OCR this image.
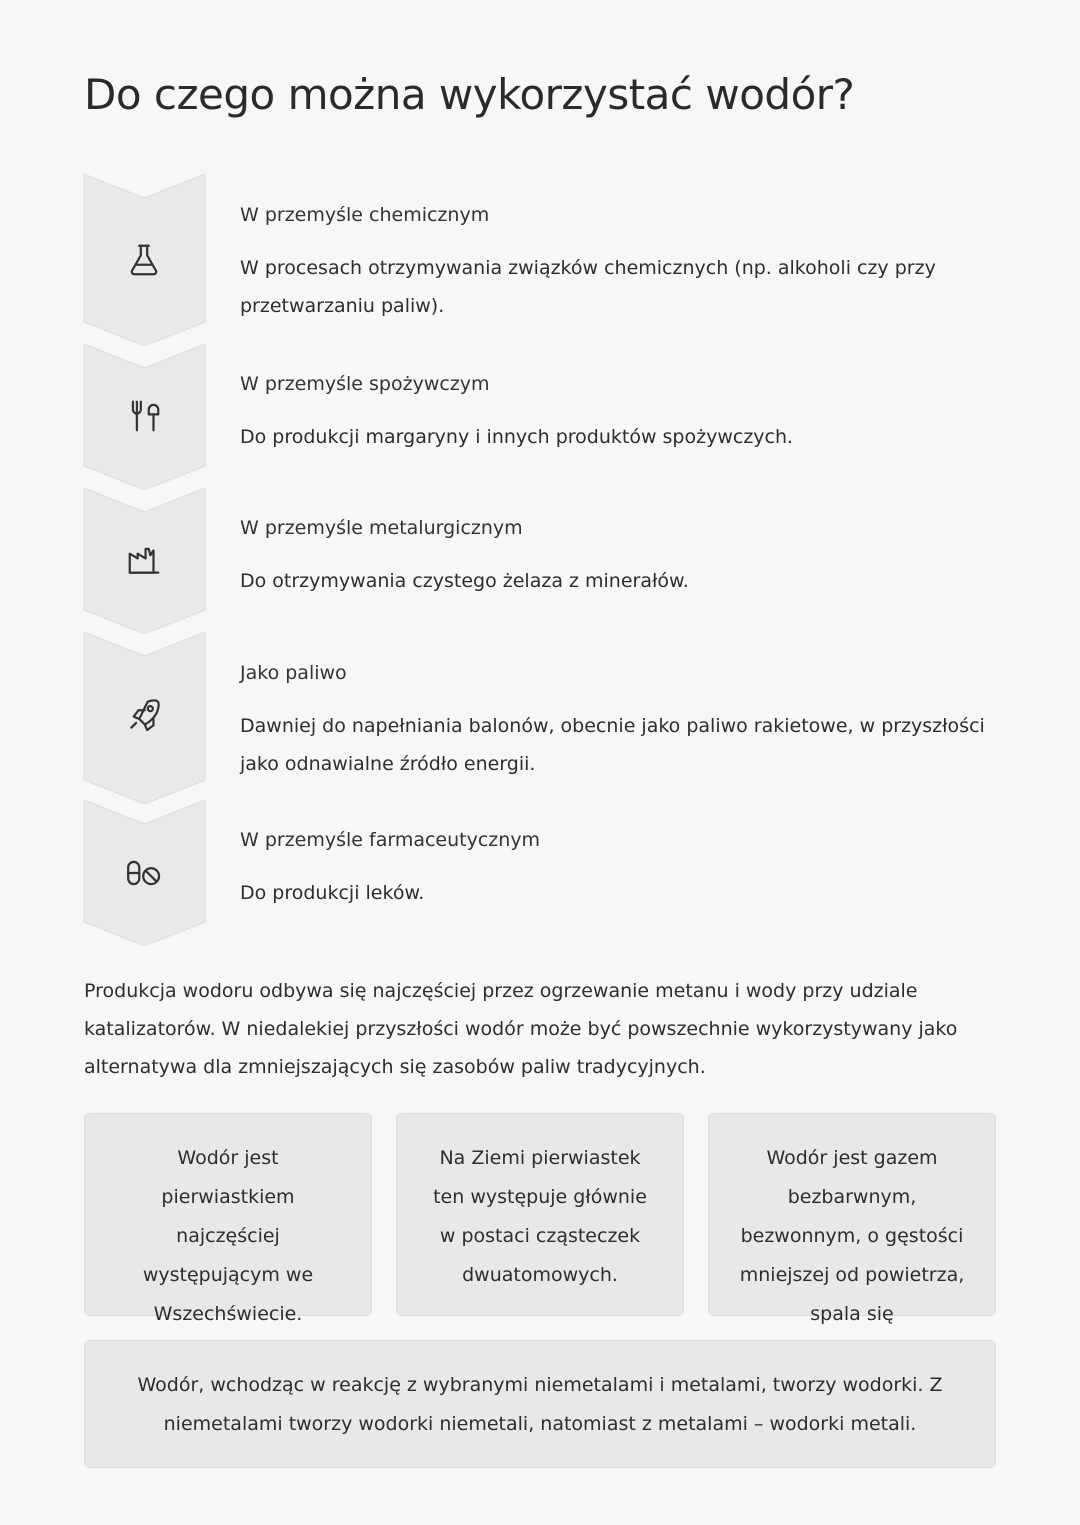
Do czego można wykorzystać wodór?

W przemyśle chemicznym

W procesach otrzymywania związków chemicznych (np. alkoholi czy przy przetwarzaniu paliw).

W przemyśle spożywczym

Do produkcji margaryny i innych produktów spożywczych.

W przemyśle metalurgicznym

Do otrzymywania czystego żelaza z minerałów.

Jako paliwo

Dawniej do napełniania balonów, obecnie jako paliwo rakietowe, w przyszłości jako odnawialne źródło energii.

W przemyśle farmaceutycznym

Do produkcji leków.

Produkcja wodoru odbywa się najczęściej przez ogrzewanie metanu i wody przy udziale katalizatorów. W niedalekiej przyszłości wodór może być powszechnie wykorzystywany jako alternatywa dla zmniejszających się zasobów paliw tradycyjnych.

Wodór jest pierwiastkiem najczęściej występującym we Wszechświecie.

Na Ziemi pierwiastek ten występuje głównie w postaci cząsteczek dwuatomowych.

Wodór jest gazem bezbarwnym, bezwonnym, o gęstości mniejszej od powietrza, spala się

Wodór, wchodząc w reakcję z wybranymi niemetalami i metalami, tworzy wodorki. Z niemetalami tworzy wodorki niemetali, natomiast z metalami – wodorki metali.
